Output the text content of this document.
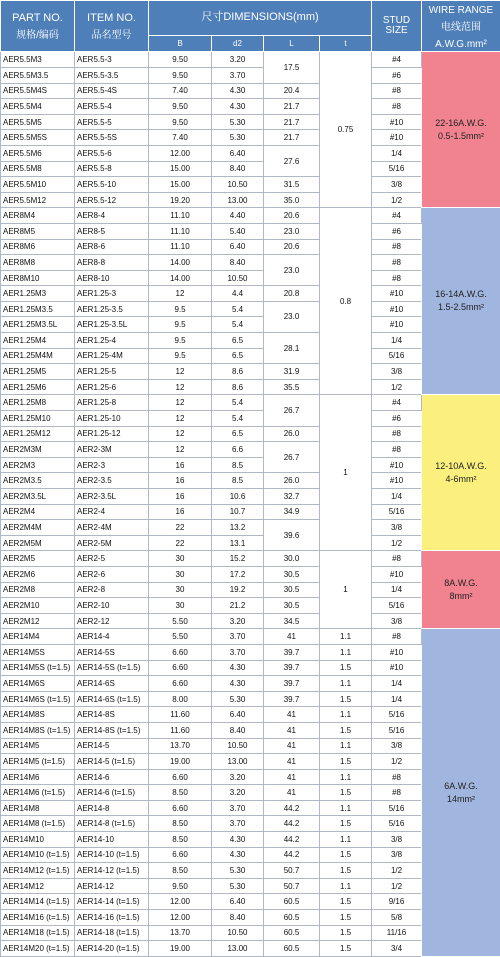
PART NO.
规格/编码	ITEM NO.
品名型号	尺寸DIMENSIONS(mm)				STUD
SIZE	WIRE RANGE
电线范围
A.W.G.mm²
		B	d2	L	t		
AER5.5M3	AER5.5-3	9.50	3.20	17.5	0.75	#4	22-16A.W.G.
0.5-1.5mm²

AER5.5M3.5	AER5.5-3.5	9.50	3.70			#6	
AER5.5M4S	AER5.5-4S	7.40	4.30	20.4		#8	
AER5.5M4	AER5.5-4	9.50	4.30	21.7		#8	
AER5.5M5	AER5.5-5	9.50	5.30	21.7		#10	
AER5.5M5S	AER5.5-5S	7.40	5.30	21.7		#10	
AER5.5M6	AER5.5-6	12.00	6.40	27.6		1/4	
AER5.5M8	AER5.5-8	15.00	8.40			5/16	
AER5.5M10	AER5.5-10	15.00	10.50	31.5		3/8	
AER5.5M12	AER5.5-12	19.20	13.00	35.0		1/2	
AER8M4	AER8-4	11.10	4.40	20.6	0.8	#4	16-14A.W.G.
1.5-2.5mm²

AER8M5	AER8-5	11.10	5.40	23.0		#6	
AER8M6	AER8-6	11.10	6.40	20.6		#8	
AER8M8	AER8-8	14.00	8.40	23.0		#8	
AER8M10	AER8-10	14.00	10.50			#8	
AER1.25M3	AER1.25-3	12	4.4	20.8		#10	
AER1.25M3.5	AER1.25-3.5	9.5	5.4	23.0		#10	
AER1.25M3.5L	AER1.25-3.5L	9.5	5.4			#10	
AER1.25M4	AER1.25-4	9.5	6.5	28.1		1/4	
AER1.25M4M	AER1.25-4M	9.5	6.5			5/16	
AER1.25M5	AER1.25-5	12	8.6	31.9		3/8	
AER1.25M6	AER1.25-6	12	8.6	35.5		1/2	
AER1.25M8	AER1.25-8	12	5.4	26.7	1	#4	12-10A.W.G.
4-6mm²

AER1.25M10	AER1.25-10	12	5.4			#6	
AER1.25M12	AER1.25-12	12	6.5	26.0		#8	
AER2M3M	AER2-3M	12	6.6	26.7		#8	
AER2M3	AER2-3	16	8.5			#10	
AER2M3.5	AER2-3.5	16	8.5	26.0		#10	
AER2M3.5L	AER2-3.5L	16	10.6	32.7		1/4	
AER2M4	AER2-4	16	10.7	34.9		5/16	
AER2M4M	AER2-4M	22	13.2	39.6		3/8	
AER2M5M	AER2-5M	22	13.1			1/2	
AER2M5	AER2-5	30	15.2	30.0	1	#8	8A.W.G.
8mm²

AER2M6	AER2-6	30	17.2	30.5		#10	
AER2M8	AER2-8	30	19.2	30.5		1/4	
AER2M10	AER2-10	30	21.2	30.5		5/16	
AER2M12	AER2-12	5.50	3.20	34.5		3/8	
AER14M4	AER14-4	5.50	3.70	41	1.1	#8	6A.W.G.
14mm²

AER14M5S	AER14-5S	6.60	3.70	39.7	1.1	#10	
AER14M5S (t=1.5)	AER14-5S (t=1.5)	6.60	4.30	39.7	1.5	#10	
AER14M6S	AER14-6S	6.60	4.30	39.7	1.1	1/4	
AER14M6S (t=1.5)	AER14-6S (t=1.5)	8.00	5.30	39.7	1.5	1/4	
AER14M8S	AER14-8S	11.60	6.40	41	1.1	5/16	
AER14M8S (t=1.5)	AER14-8S (t=1.5)	11.60	8.40	41	1.5	5/16	
AER14M5	AER14-5	13.70	10.50	41	1.1	3/8	
AER14M5 (t=1.5)	AER14-5 (t=1.5)	19.00	13.00	41	1.5	1/2	
AER14M6	AER14-6	6.60	3.20	41	1.1	#8	
AER14M6 (t=1.5)	AER14-6 (t=1.5)	8.50	3.20	41	1.5	#8	
AER14M8	AER14-8	6.60	3.70	44.2	1.1	5/16	
AER14M8 (t=1.5)	AER14-8 (t=1.5)	8.50	3.70	44.2	1.5	5/16	
AER14M10	AER14-10	8.50	4.30	44.2	1.1	3/8	
AER14M10 (t=1.5)	AER14-10 (t=1.5)	6.60	4.30	44.2	1.5	3/8	
AER14M12 (t=1.5)	AER14-12 (t=1.5)	8.50	5.30	50.7	1.5	1/2	
AER14M12	AER14-12	9.50	5.30	50.7	1.1	1/2	
AER14M14 (t=1.5)	AER14-14 (t=1.5)	12.00	6.40	60.5	1.5	9/16	
AER14M16 (t=1.5)	AER14-16 (t=1.5)	12.00	8.40	60.5	1.5	5/8	
AER14M18 (t=1.5)	AER14-18 (t=1.5)	13.70	10.50	60.5	1.5	11/16	
AER14M20 (t=1.5)	AER14-20 (t=1.5)	19.00	13.00	60.5	1.5	3/4	
